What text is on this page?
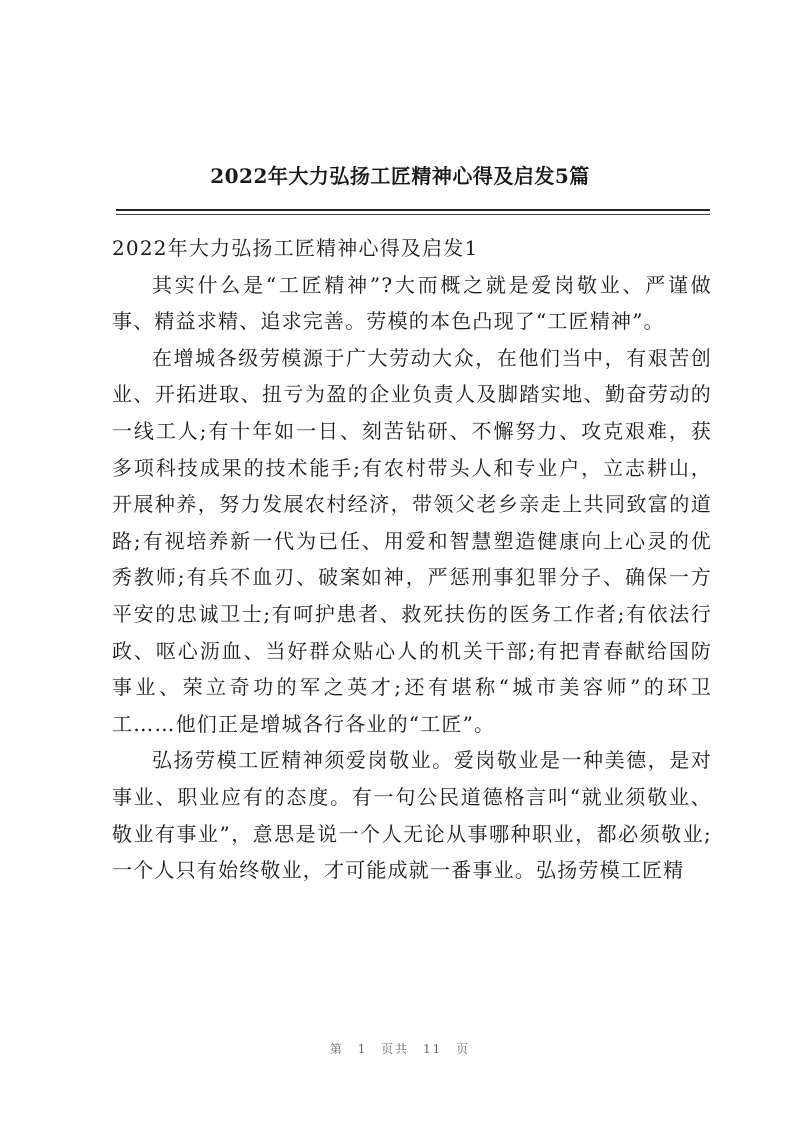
2022年大力弘扬工匠精神心得及启发5篇

2022年大力弘扬工匠精神心得及启发1

其实什么是“工匠精神”?大而概之就是爱岗敬业、严谨做事、精益求精、追求完善。劳模的本色凸现了“工匠精神”。

在增城各级劳模源于广大劳动大众，在他们当中，有艰苦创业、开拓进取、扭亏为盈的企业负责人及脚踏实地、勤奋劳动的一线工人;有十年如一日、刻苦钻研、不懈努力、攻克艰难，获多项科技成果的技术能手;有农村带头人和专业户，立志耕山，开展种养，努力发展农村经济，带领父老乡亲走上共同致富的道路;有视培养新一代为已任、用爱和智慧塑造健康向上心灵的优秀教师;有兵不血刃、破案如神，严惩刑事犯罪分子、确保一方平安的忠诚卫士;有呵护患者、救死扶伤的医务工作者;有依法行政、呕心沥血、当好群众贴心人的机关干部;有把青春献给国防事业、荣立奇功的军之英才;还有堪称“城市美容师”的环卫工……他们正是增城各行各业的“工匠”。

弘扬劳模工匠精神须爱岗敬业。爱岗敬业是一种美德，是对事业、职业应有的态度。有一句公民道德格言叫“就业须敬业、敬业有事业”，意思是说一个人无论从事哪种职业，都必须敬业;一个人只有始终敬业，才可能成就一番事业。弘扬劳模工匠精

第 1 页共 11 页
